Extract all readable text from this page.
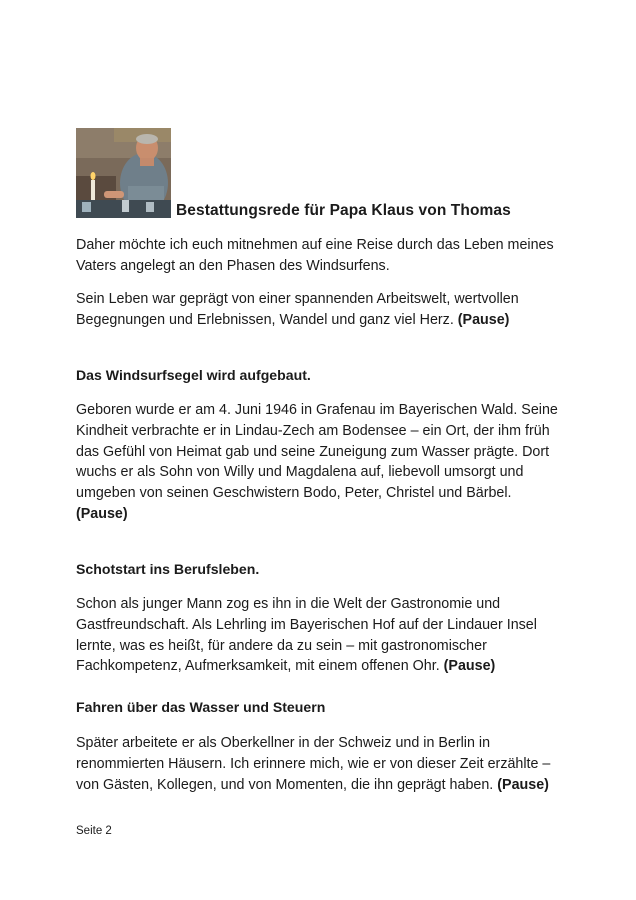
Bestattungsrede für Papa Klaus von Thomas

Daher möchte ich euch mitnehmen auf eine Reise durch das Leben meines Vaters angelegt an den Phasen des Windsurfens.

Sein Leben war geprägt von einer spannenden Arbeitswelt, wertvollen Begegnungen und Erlebnissen, Wandel und ganz viel Herz. (Pause)

Das Windsurfsegel wird aufgebaut.

Geboren wurde er am 4. Juni 1946 in Grafenau im Bayerischen Wald. Seine Kindheit verbrachte er in Lindau-Zech am Bodensee – ein Ort, der ihm früh das Gefühl von Heimat gab und seine Zuneigung zum Wasser prägte. Dort wuchs er als Sohn von Willy und Magdalena auf, liebevoll umsorgt und umgeben von seinen Geschwistern Bodo, Peter, Christel und Bärbel. (Pause)

Schotstart ins Berufsleben.

Schon als junger Mann zog es ihn in die Welt der Gastronomie und Gastfreundschaft. Als Lehrling im Bayerischen Hof auf der Lindauer Insel lernte, was es heißt, für andere da zu sein – mit gastronomischer Fachkompetenz, Aufmerksamkeit, mit einem offenen Ohr. (Pause)

Fahren über das Wasser und Steuern

Später arbeitete er als Oberkellner in der Schweiz und in Berlin in renommierten Häusern. Ich erinnere mich, wie er von dieser Zeit erzählte – von Gästen, Kollegen, und von Momenten, die ihn geprägt haben. (Pause)

Seite 2
